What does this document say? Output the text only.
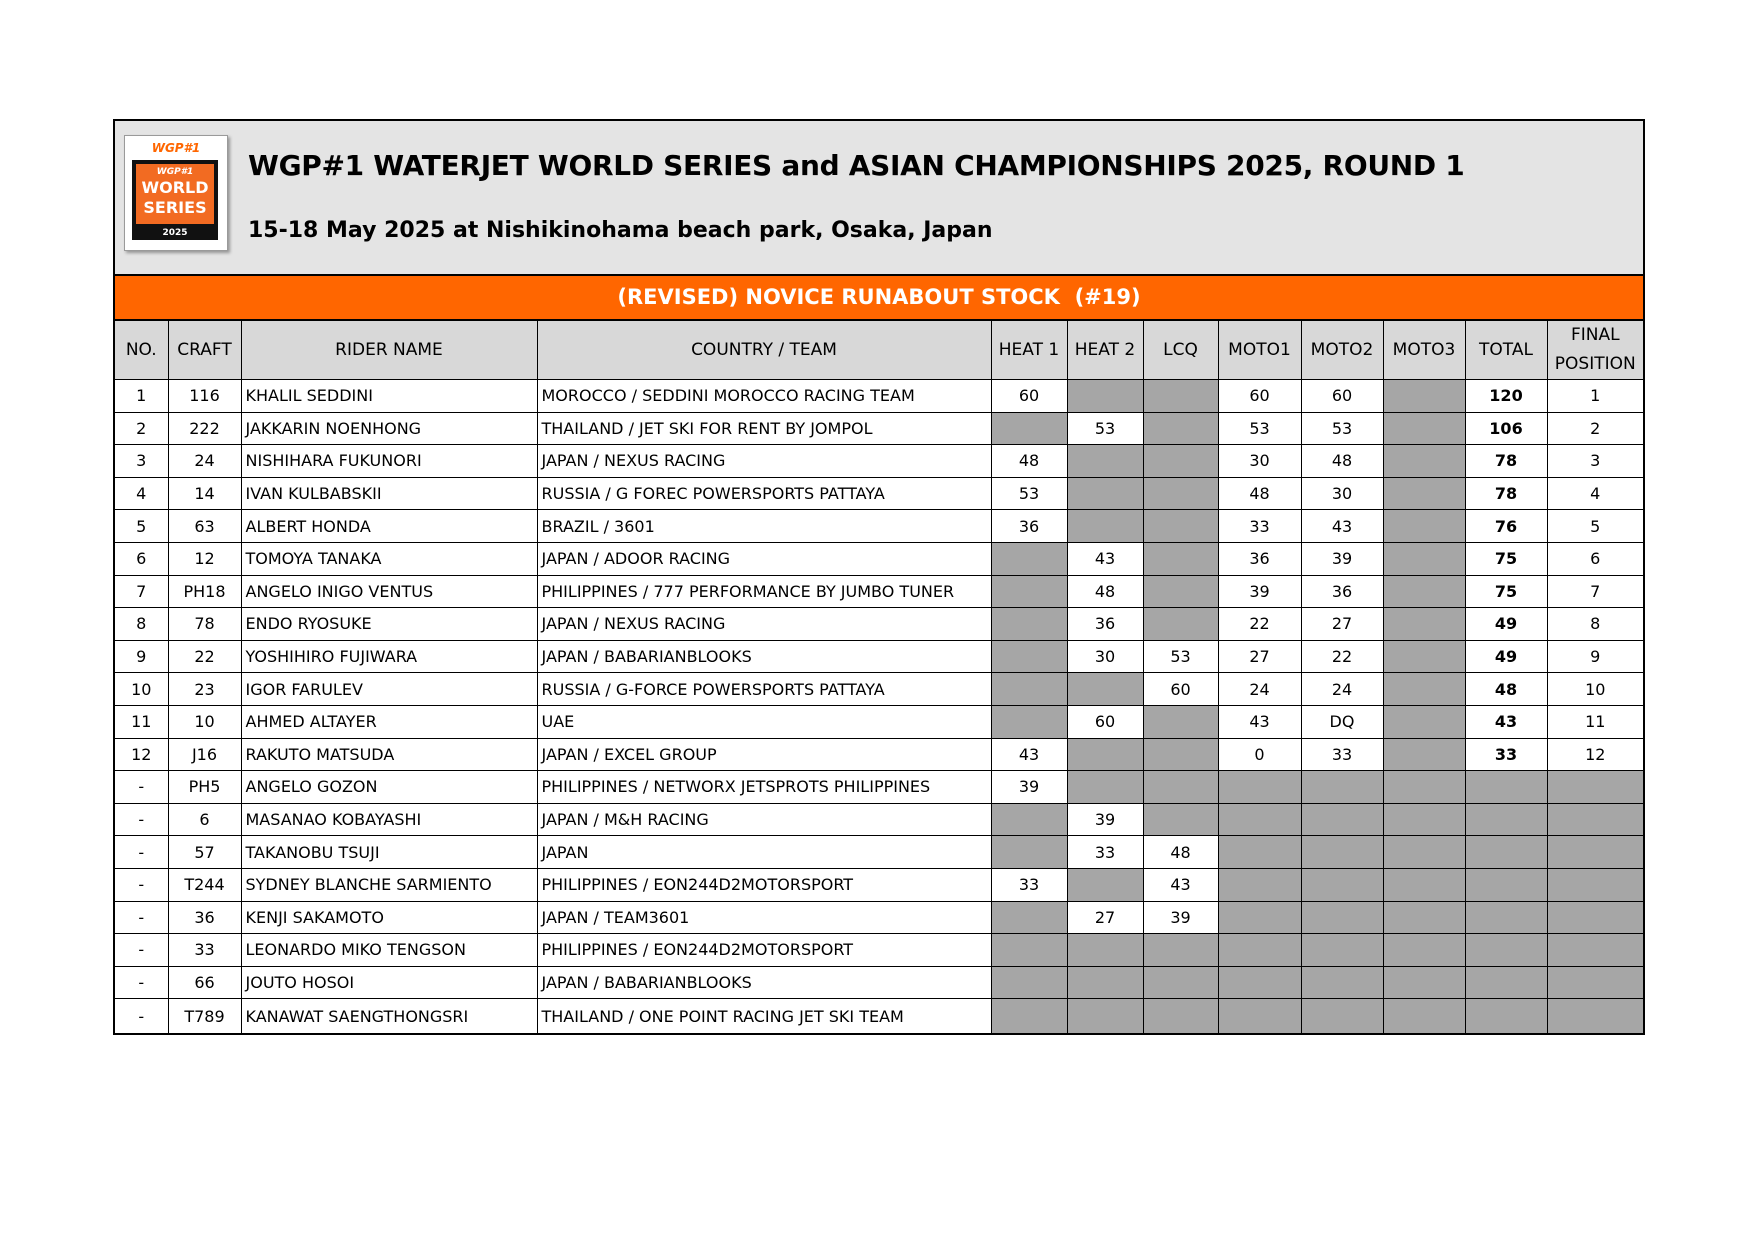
WGP#1
WGP#1
WORLD
SERIES
2025
WGP#1 WATERJET WORLD SERIES and ASIAN CHAMPIONSHIPS 2025, ROUND 1
15-18 May 2025 at Nishikinohama beach park, Osaka, Japan
(REVISED) NOVICE RUNABOUT STOCK  (#19)
NO.	CRAFT	RIDER NAME	COUNTRY / TEAM	HEAT 1	HEAT 2	LCQ	MOTO1	MOTO2	MOTO3	TOTAL	FINAL POSITION
1	116	KHALIL SEDDINI	MOROCCO / SEDDINI MOROCCO RACING TEAM	60			60	60		120	1
2	222	JAKKARIN NOENHONG	THAILAND / JET SKI FOR RENT BY JOMPOL		53		53	53		106	2
3	24	NISHIHARA FUKUNORI	JAPAN / NEXUS RACING	48			30	48		78	3
4	14	IVAN KULBABSKII	RUSSIA / G FOREC POWERSPORTS PATTAYA	53			48	30		78	4
5	63	ALBERT HONDA	BRAZIL / 3601	36			33	43		76	5
6	12	TOMOYA TANAKA	JAPAN / ADOOR RACING		43		36	39		75	6
7	PH18	ANGELO INIGO VENTUS	PHILIPPINES / 777 PERFORMANCE BY JUMBO TUNER		48		39	36		75	7
8	78	ENDO RYOSUKE	JAPAN / NEXUS RACING		36		22	27		49	8
9	22	YOSHIHIRO FUJIWARA	JAPAN / BABARIANBLOOKS		30	53	27	22		49	9
10	23	IGOR FARULEV	RUSSIA / G-FORCE POWERSPORTS PATTAYA			60	24	24		48	10
11	10	AHMED ALTAYER	UAE		60		43	DQ		43	11
12	J16	RAKUTO MATSUDA	JAPAN / EXCEL GROUP	43			0	33		33	12
-	PH5	ANGELO GOZON	PHILIPPINES / NETWORX JETSPROTS PHILIPPINES	39							
-	6	MASANAO KOBAYASHI	JAPAN / M&H RACING		39						
-	57	TAKANOBU TSUJI	JAPAN		33	48					
-	T244	SYDNEY BLANCHE SARMIENTO	PHILIPPINES / EON244D2MOTORSPORT	33		43					
-	36	KENJI SAKAMOTO	JAPAN / TEAM3601		27	39					
-	33	LEONARDO MIKO TENGSON	PHILIPPINES / EON244D2MOTORSPORT								
-	66	JOUTO HOSOI	JAPAN / BABARIANBLOOKS								
-	T789	KANAWAT SAENGTHONGSRI	THAILAND / ONE POINT RACING JET SKI TEAM								
